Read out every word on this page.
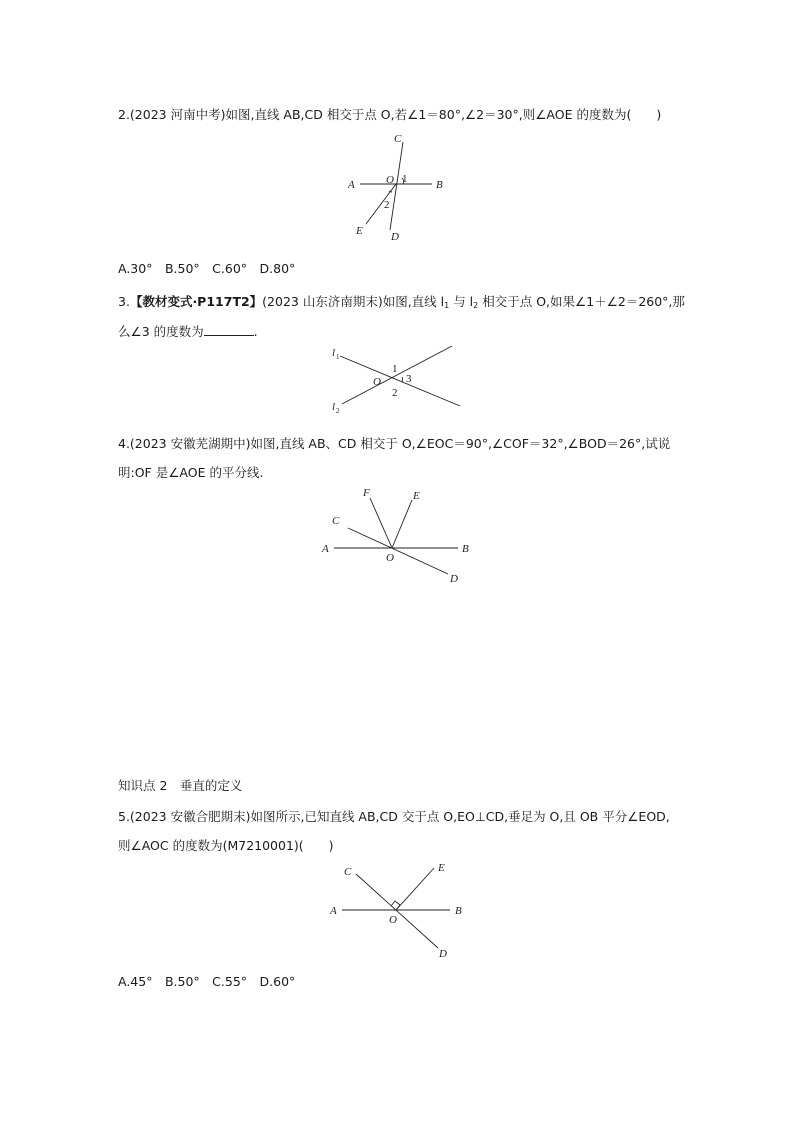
2.(2023 河南中考)如图,直线 AB,CD 相交于点 O,若∠1＝80°,∠2＝30°,则∠AOE 的度数为(　　)
C
A	O 1	B
2
E	D
A.30°　B.50°　C.60°　D.80°
3.【教材变式·P117T2】(2023 山东济南期末)如图,直线 $l_1$ 与 $l_2$ 相交于点 O,如果∠1＋∠2＝260°,那
么∠3 的度数为	.
l 1
1
O 3
2
l 2
4.(2023 安徽芜湖期中)如图,直线 AB、CD 相交于 O,∠EOC＝90°,∠COF＝32°,∠BOD＝26°,试说
明:OF 是∠AOE 的平分线.
F	E
C
A
O
B
D
知识点 2　垂直的定义
5.(2023 安徽合肥期末)如图所示,已知直线 AB,CD 交于点 O,EO⊥CD,垂足为 O,且 OB 平分∠EOD,
则∠AOC 的度数为(M7210001)(　　)
C	E
A
O
B
D
A.45°　B.50°　C.55°　D.60°
